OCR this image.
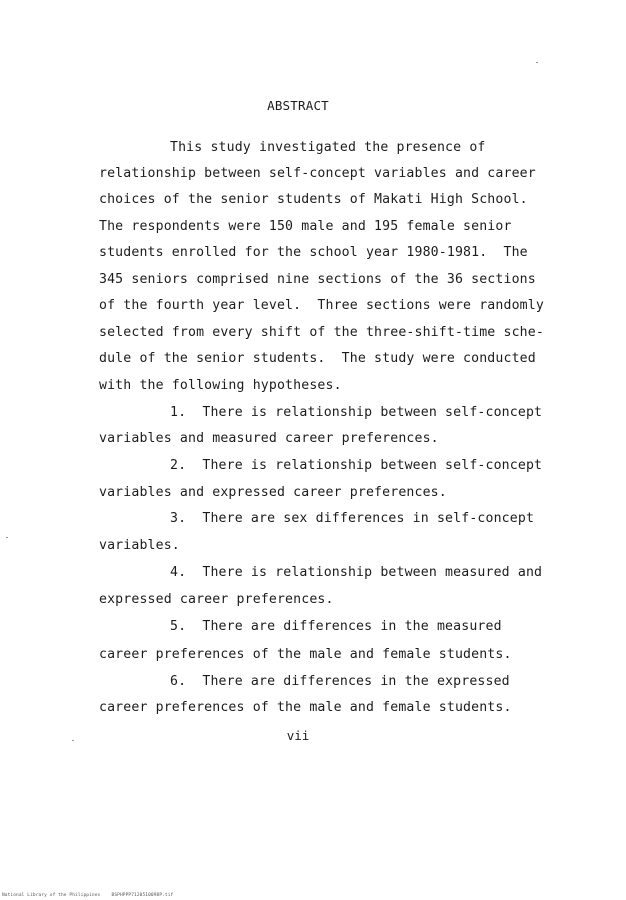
ABSTRACT
This study investigated the presence of
relationship between self-concept variables and career
choices of the senior students of Makati High School.
The respondents were 150 male and 195 female senior
students enrolled for the school year 1980-1981.  The
345 seniors comprised nine sections of the 36 sections
of the fourth year level.  Three sections were randomly
selected from every shift of the three-shift-time sche-
dule of the senior students.  The study were conducted
with the following hypotheses.
1.  There is relationship between self-concept
variables and measured career preferences.
2.  There is relationship between self-concept
variables and expressed career preferences.
3.  There are sex differences in self-concept
variables.
4.  There is relationship between measured and
expressed career preferences.
5.  There are differences in the measured
career preferences of the male and female students.
6.  There are differences in the expressed
career preferences of the male and female students.
vii
National Library of the Philippines    BSPHPPP7120510098P.tif
